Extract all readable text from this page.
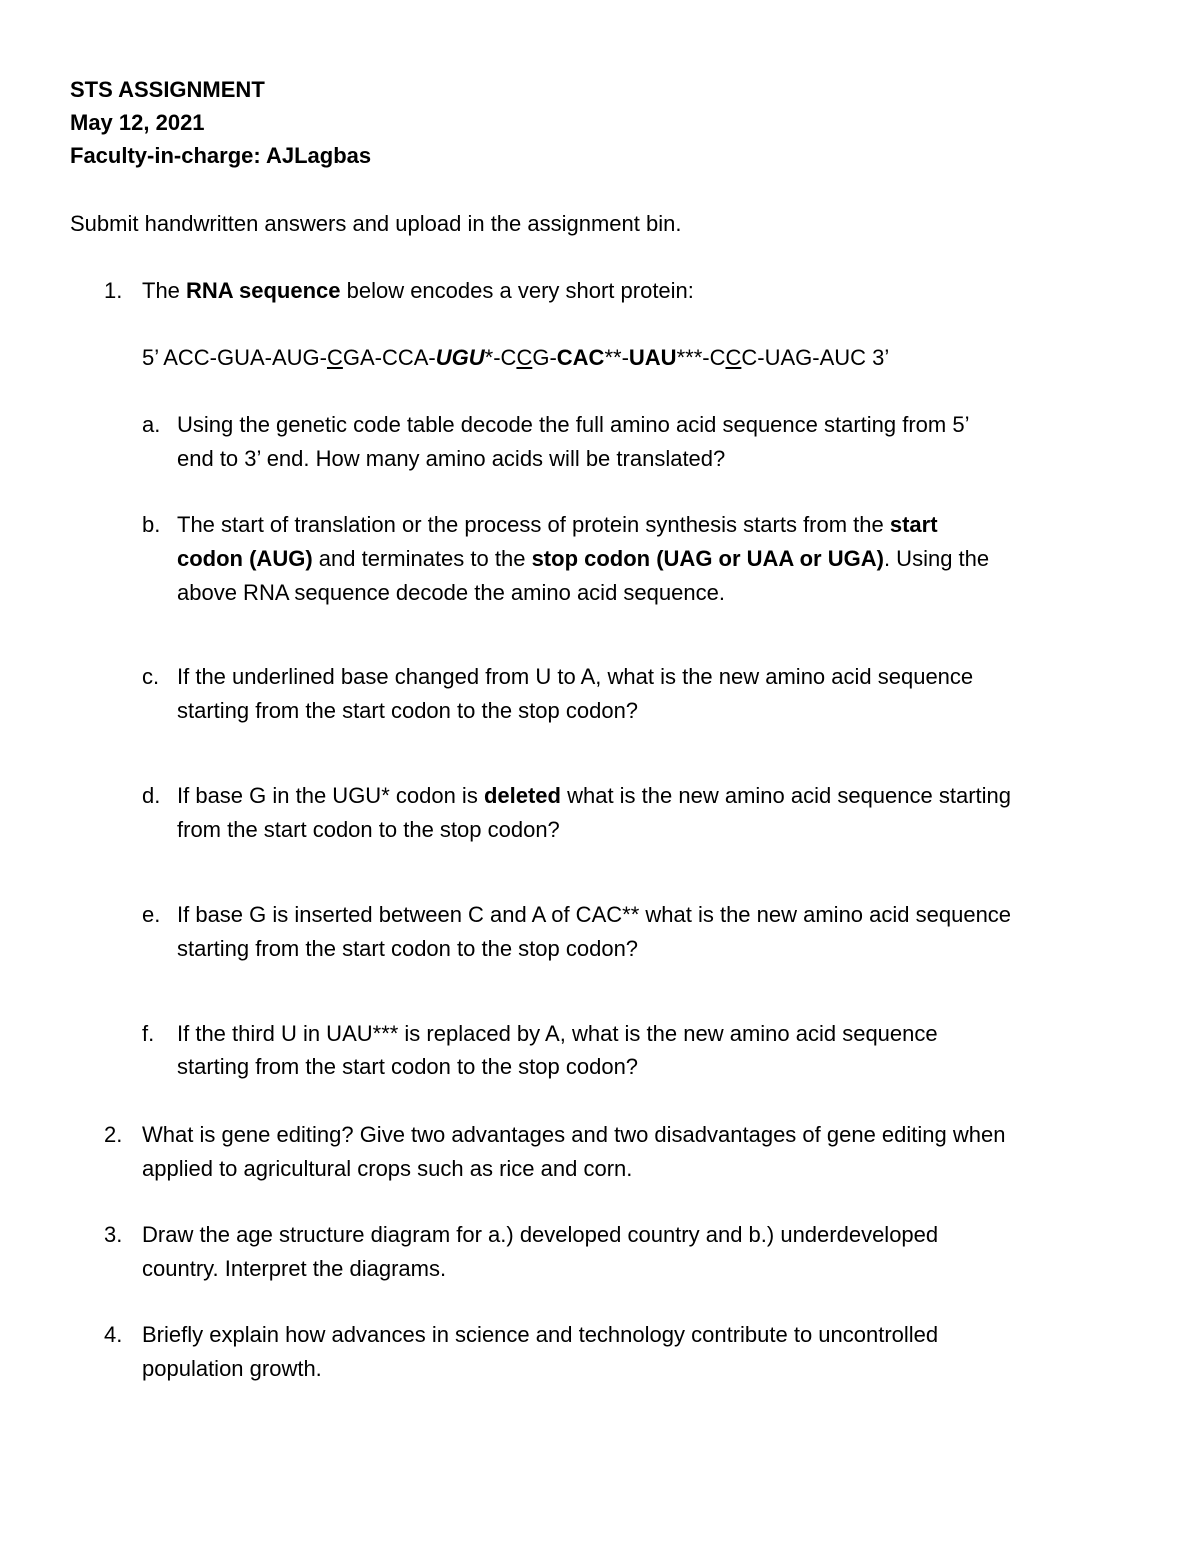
STS ASSIGNMENT
May 12, 2021
Faculty-in-charge: AJLagbas
Submit handwritten answers and upload in the assignment bin.
1. The RNA sequence below encodes a very short protein:
5’ ACC-GUA-AUG-CGA-CCA-UGU*-CCG-CAC**-UAU***-CCC-UAG-AUC 3’
a. Using the genetic code table decode the full amino acid sequence starting from 5’
end to 3’ end. How many amino acids will be translated?
b. The start of translation or the process of protein synthesis starts from the start
codon (AUG) and terminates to the stop codon (UAG or UAA or UGA). Using the
above RNA sequence decode the amino acid sequence.
c. If the underlined base changed from U to A, what is the new amino acid sequence
starting from the start codon to the stop codon?
d. If base G in the UGU* codon is deleted what is the new amino acid sequence starting
from the start codon to the stop codon?
e. If base G is inserted between C and A of CAC** what is the new amino acid sequence
starting from the start codon to the stop codon?
f. If the third U in UAU*** is replaced by A, what is the new amino acid sequence
starting from the start codon to the stop codon?
2. What is gene editing? Give two advantages and two disadvantages of gene editing when
applied to agricultural crops such as rice and corn.
3. Draw the age structure diagram for a.) developed country and b.) underdeveloped
country. Interpret the diagrams.
4. Briefly explain how advances in science and technology contribute to uncontrolled
population growth.
